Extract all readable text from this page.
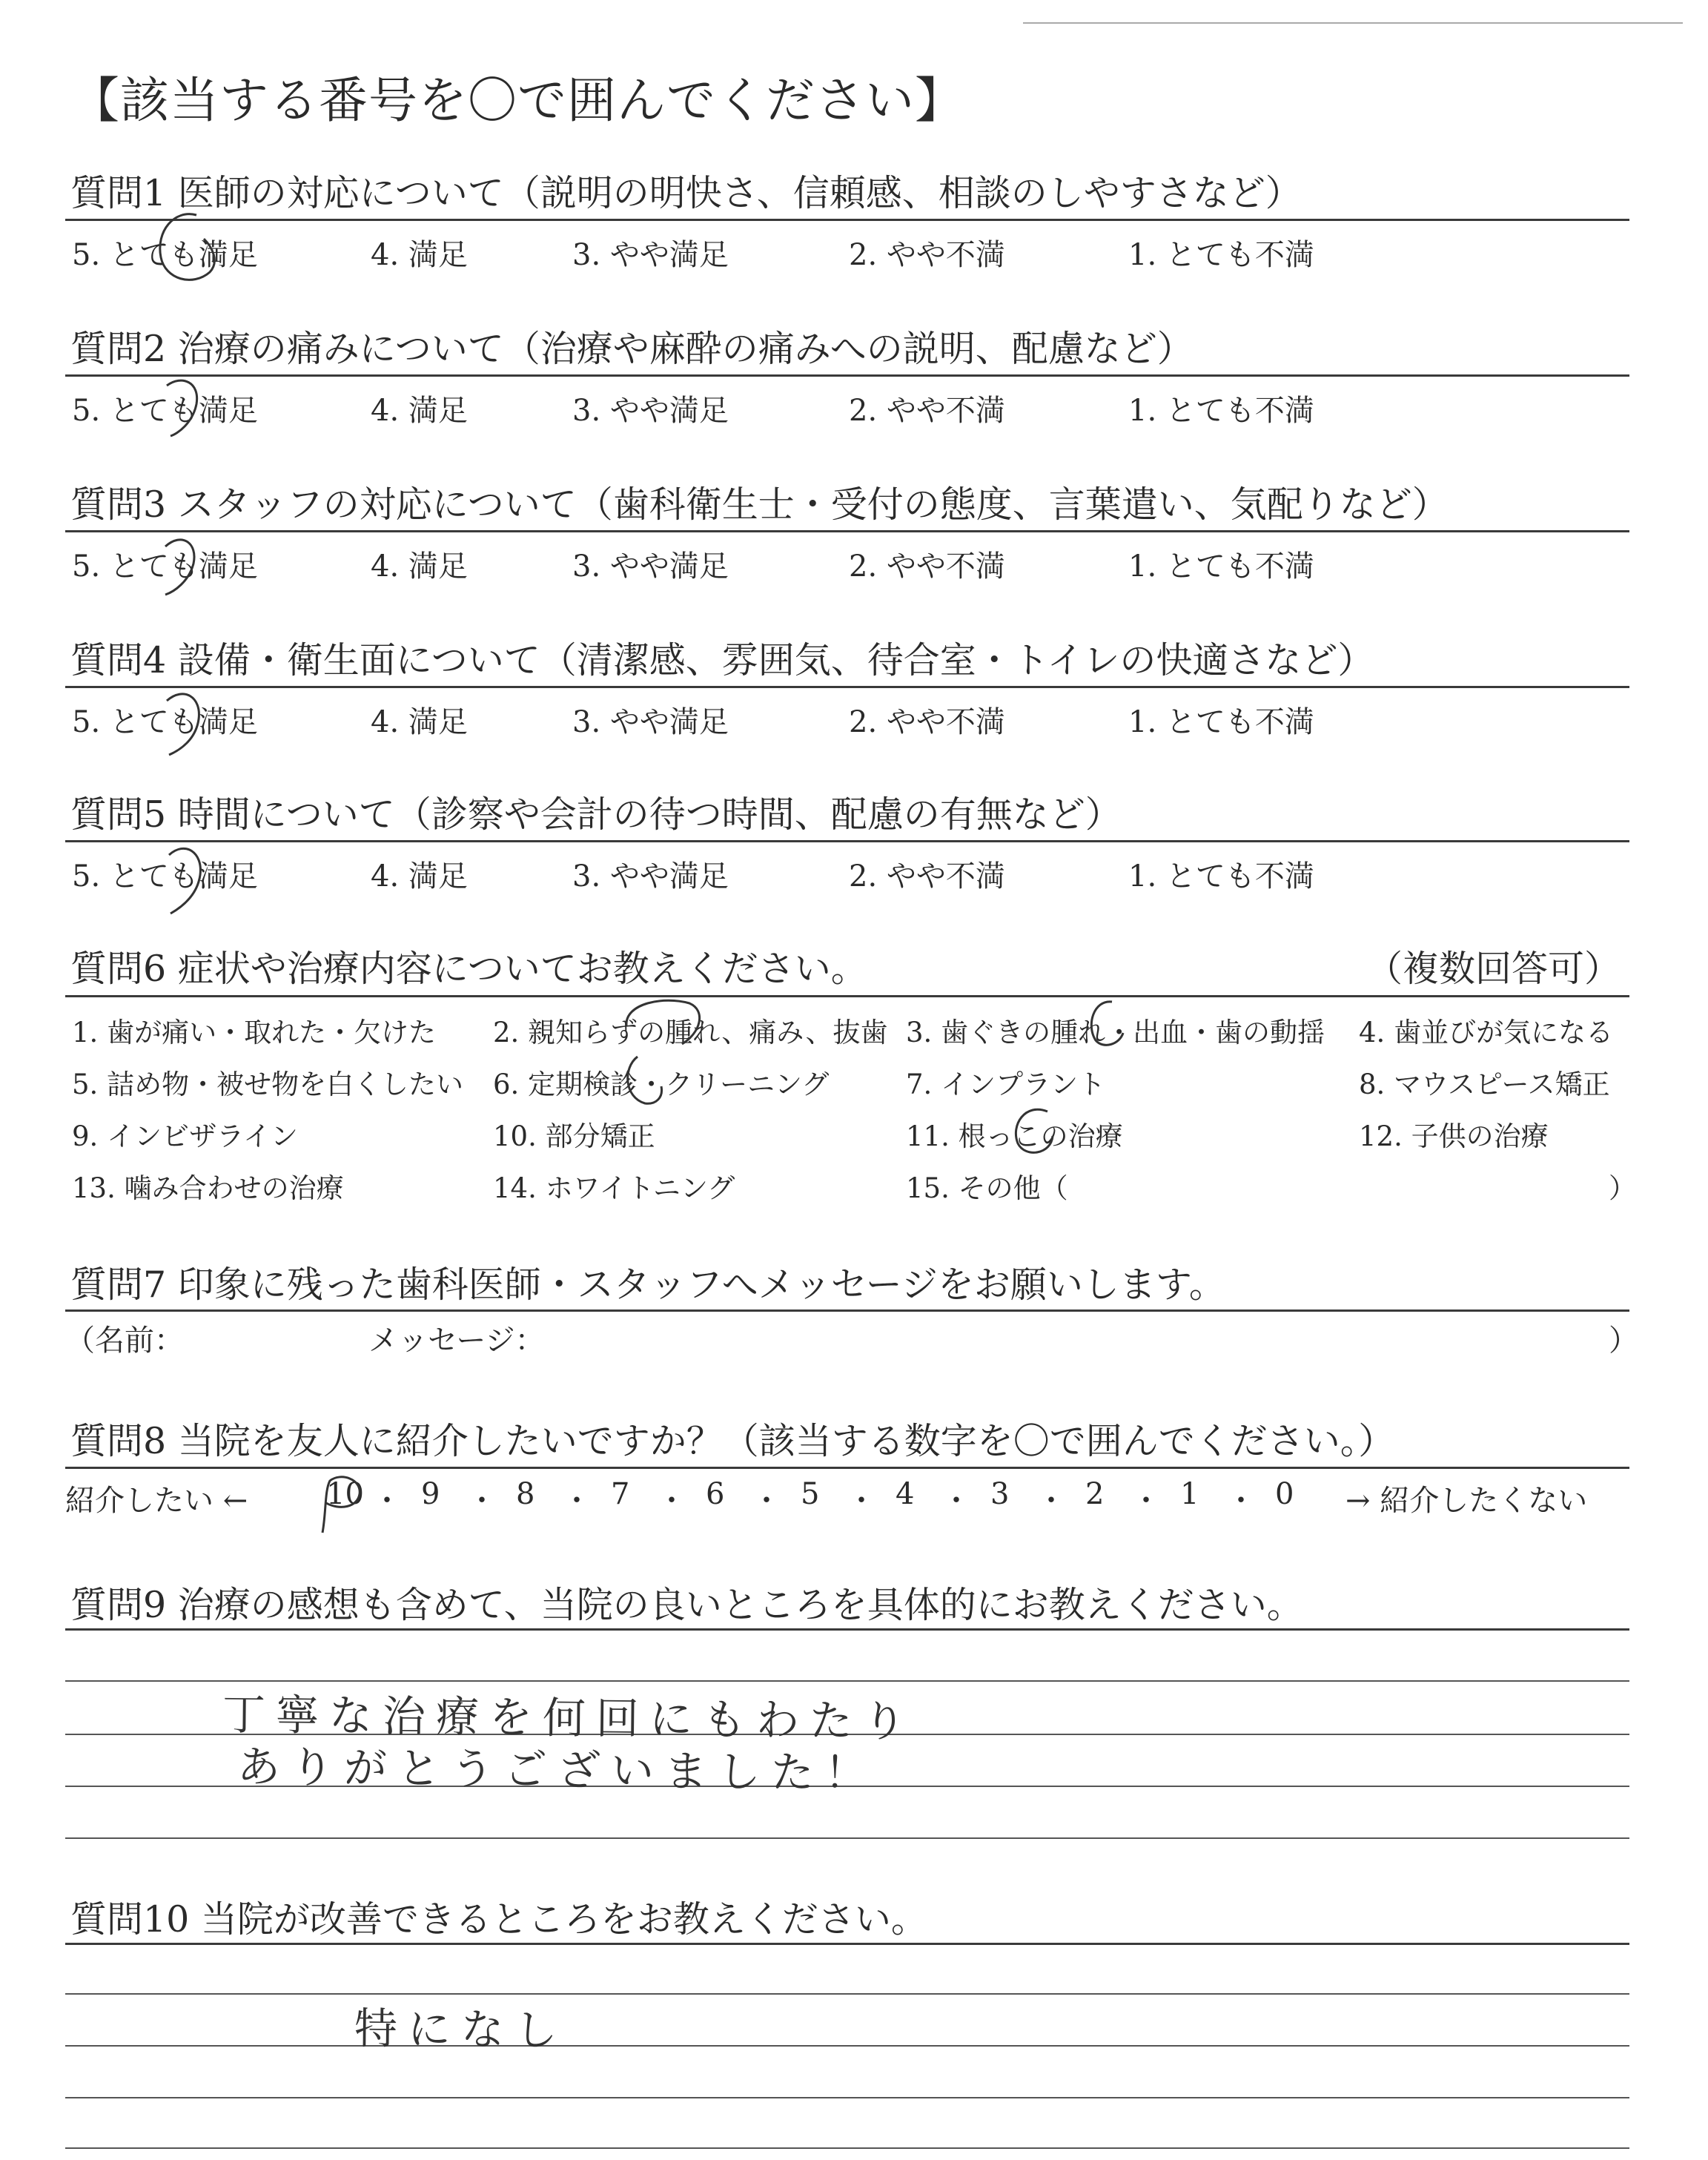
【該当する番号を〇で囲んでください】
質問1 医師の対応について（説明の明快さ、信頼感、相談のしやすさなど）
5. とても満足	4. 満足	3. やや満足	2. やや不満	1. とても不満
質問2 治療の痛みについて（治療や麻酔の痛みへの説明、配慮など）
5. とても満足	4. 満足	3. やや満足	2. やや不満	1. とても不満
質問3 スタッフの対応について（歯科衛生士・受付の態度、言葉遣い、気配りなど）
5. とても満足	4. 満足	3. やや満足	2. やや不満	1. とても不満
質問4 設備・衛生面について（清潔感、雰囲気、待合室・トイレの快適さなど）
5. とても満足	4. 満足	3. やや満足	2. やや不満	1. とても不満
質問5 時間について（診察や会計の待つ時間、配慮の有無など）
5. とても満足	4. 満足	3. やや満足	2. やや不満	1. とても不満
質問6 症状や治療内容についてお教えください。	（複数回答可）
1. 歯が痛い・取れた・欠けた 2. 親知らずの腫れ、痛み、抜歯 3. 歯ぐきの腫れ・出血・歯の動揺 4. 歯並びが気になる
5. 詰め物・被せ物を白くしたい 6. 定期検診・クリーニング	7. インプラント	8. マウスピース矯正
9. インビザライン	10. 部分矯正	11. 根っこの治療	12. 子供の治療
13. 噛み合わせの治療	14. ホワイトニング	15. その他（	）
質問7 印象に残った歯科医師・スタッフへメッセージをお願いします。
（名前：	メッセージ：	）
質問8 当院を友人に紹介したいですか？（該当する数字を〇で囲んでください。）
紹介したい ←	10 ・ 9 ・ 8 ・ 7 ・ 6 ・ 5 ・ 4 ・ 3 ・ 2 ・ 1 ・ 0 → 紹介したくない
質問9 治療の感想も含めて、当院の良いところを具体的にお教えください。
丁寧な治療を何回にもわたり
ありがとうございました！
質問10 当院が改善できるところをお教えください。
特になし
